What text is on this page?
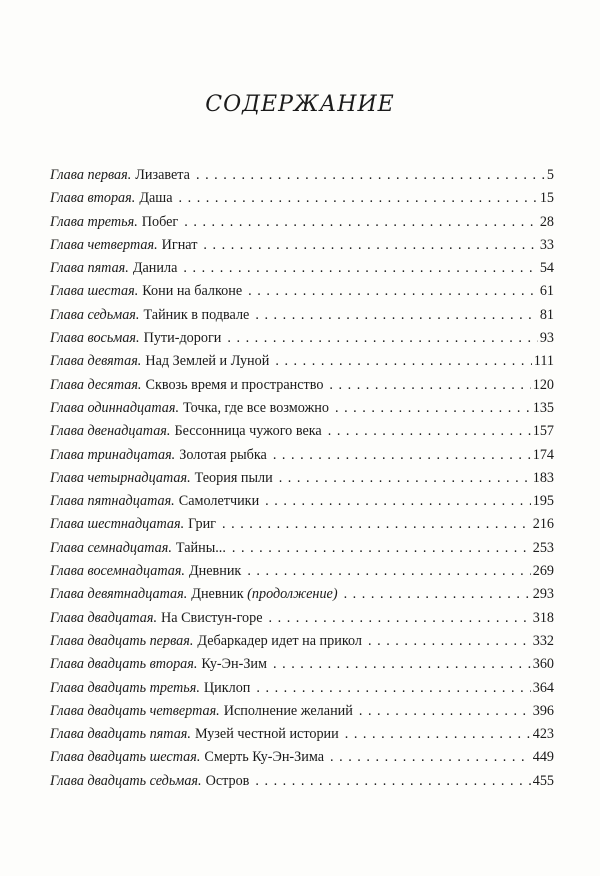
СОДЕРЖАНИЕ
Глава первая. Лизавета . . .	5
Глава вторая. Даша . . .	15
Глава третья. Побег . . .	28
Глава четвертая. Игнат . . .	33
Глава пятая. Данила . . .	54
Глава шестая. Кони на балконе . . .	61
Глава седьмая. Тайник в подвале . . .	81
Глава восьмая. Пути-дороги . . .	93
Глава девятая. Над Землей и Луной . . .	111
Глава десятая. Сквозь время и пространство . . .	120
Глава одиннадцатая. Точка, где все возможно . . .	135
Глава двенадцатая. Бессонница чужого века . . .	157
Глава тринадцатая. Золотая рыбка . . .	174
Глава четырнадцатая. Теория пыли . . .	183
Глава пятнадцатая. Самолетчики . . .	195
Глава шестнадцатая. Григ . . .	216
Глава семнадцатая. Тайны... . . .	253
Глава восемнадцатая. Дневник . . .	269
Глава девятнадцатая. Дневник (продолжение) . . .	293
Глава двадцатая. На Свистун-горе . . .	318
Глава двадцать первая. Дебаркадер идет на прикол . . .	332
Глава двадцать вторая. Ку-Эн-Зим . . .	360
Глава двадцать третья. Циклоп . . .	364
Глава двадцать четвертая. Исполнение желаний . . .	396
Глава двадцать пятая. Музей честной истории . . .	423
Глава двадцать шестая. Смерть Ку-Эн-Зима . . .	449
Глава двадцать седьмая. Остров . . .	455
